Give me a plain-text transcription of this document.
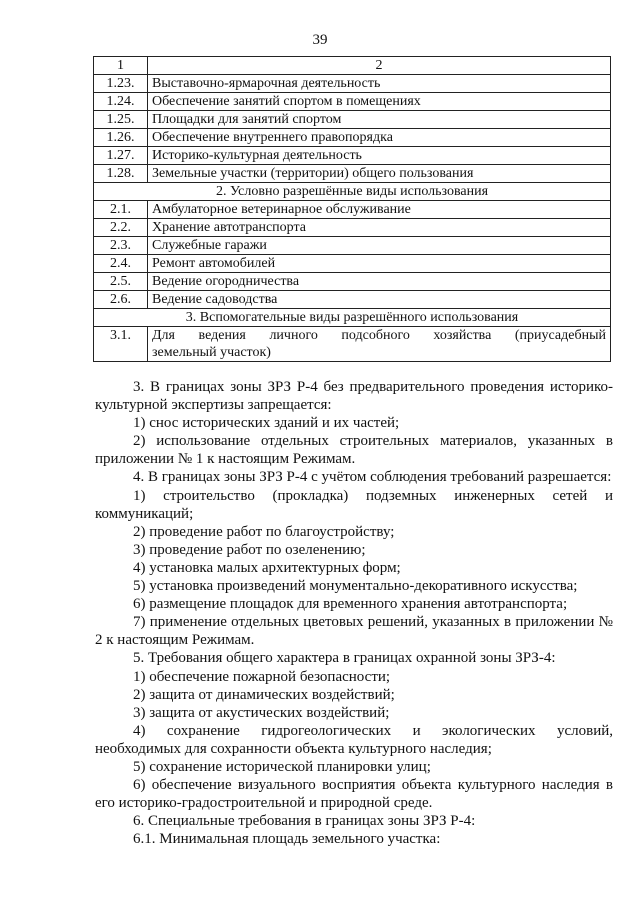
39
1	2
1.23.	Выставочно-ярмарочная деятельность
1.24.	Обеспечение занятий спортом в помещениях
1.25.	Площадки для занятий спортом
1.26.	Обеспечение внутреннего правопорядка
1.27.	Историко-культурная деятельность
1.28.	Земельные участки (территории) общего пользования
2. Условно разрешённые виды использования	
2.1.	Амбулаторное ветеринарное обслуживание
2.2.	Хранение автотранспорта
2.3.	Служебные гаражи
2.4.	Ремонт автомобилей
2.5.	Ведение огородничества
2.6.	Ведение садоводства
3. Вспомогательные виды разрешённого использования	
3.1.	Для ведения личного подсобного хозяйства (приусадебный
земельный участок)

3. В границах зоны ЗРЗ Р-4 без предварительного проведения историко-культурной экспертизы запрещается:

1) снос исторических зданий и их частей;

2) использование отдельных строительных материалов, указанных в приложении № 1 к настоящим Режимам.

4. В границах зоны ЗРЗ Р-4 с учётом соблюдения требований разрешается:

1) строительство (прокладка) подземных инженерных сетей и коммуникаций;

2) проведение работ по благоустройству;

3) проведение работ по озеленению;

4) установка малых архитектурных форм;

5) установка произведений монументально-декоративного искусства;

6) размещение площадок для временного хранения автотранспорта;

7) применение отдельных цветовых решений, указанных в приложении № 2 к настоящим Режимам.

5. Требования общего характера в границах охранной зоны ЗРЗ-4:

1) обеспечение пожарной безопасности;

2) защита от динамических воздействий;

3) защита от акустических воздействий;

4) сохранение гидрогеологических и экологических условий, необходимых для сохранности объекта культурного наследия;

5) сохранение исторической планировки улиц;

6) обеспечение визуального восприятия объекта культурного наследия в его историко-градостроительной и природной среде.

6. Специальные требования в границах зоны ЗРЗ Р-4:

6.1. Минимальная площадь земельного участка:
